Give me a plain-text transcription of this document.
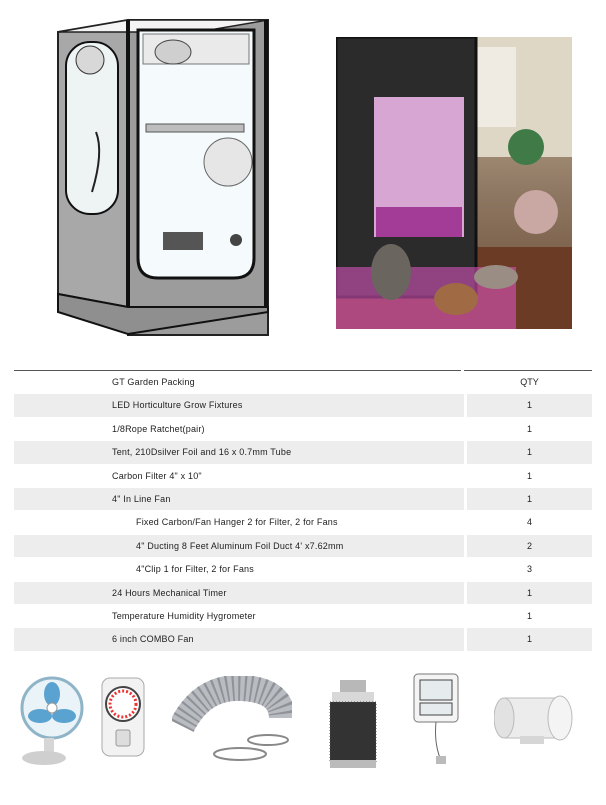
GT Garden Packing	QTY
LED Horticulture Grow Fixtures	1
1/8Rope Ratchet(pair)	1
Tent, 210Dsilver Foil and 16 x 0.7mm Tube	1
Carbon Filter 4" x 10"	1
4" In Line Fan	1
Fixed Carbon/Fan Hanger 2 for Filter, 2 for Fans	4
4" Ducting 8 Feet Aluminum Foil Duct 4' x7.62mm	2
4"Clip 1 for Filter, 2 for Fans	3
24 Hours Mechanical Timer	1
Temperature Humidity Hygrometer	1
6 inch COMBO Fan	1
